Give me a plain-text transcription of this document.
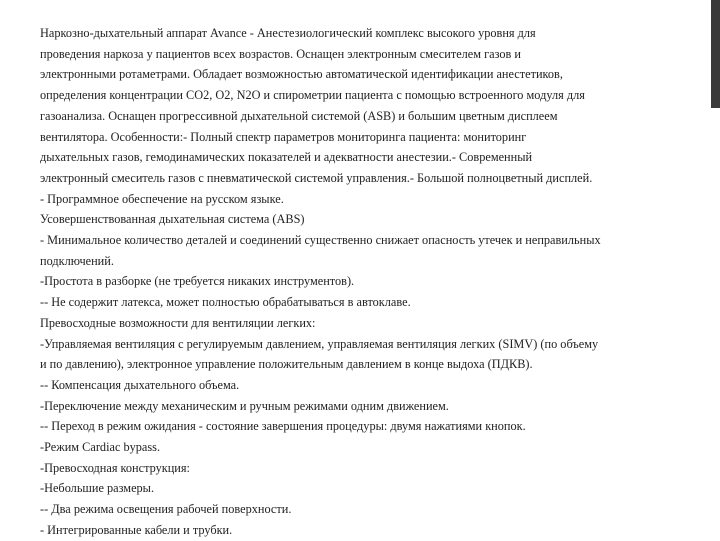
Наркозно-дыхательный аппарат Avance - Анестезиологический комплекс высокого уровня для
проведения наркоза у пациентов всех возрастов. Оснащен электронным смесителем газов и
электронными ротаметрами. Обладает возможностью автоматической идентификации анестетиков,
определения концентрации СО2, О2, N2O и спирометрии пациента с помощью встроенного модуля для
газоанализа. Оснащен прогрессивной дыхательной системой (ASB) и большим цветным дисплеем
вентилятора. Особенности:- Полный спектр параметров мониторинга пациента: мониторинг
дыхательных газов, гемодинамических показателей и адекватности анестезии.- Современный
электронный смеситель газов с пневматической системой управления.- Большой полноцветный дисплей.
- Программное обеспечение на русском языке.
Усовершенствованная дыхательная система (ABS)
- Минимальное количество деталей и соединений существенно снижает опасность утечек и неправильных
подключений.
-Простота в разборке (не требуется никаких инструментов).
-- Не содержит латекса, может полностью обрабатываться в автоклаве.
Превосходные возможности для вентиляции легких:
-Управляемая вентиляция с регулируемым давлением, управляемая вентиляция легких (SIMV) (по объему
и по давлению), электронное управление положительным давлением в конце выдоха (ПДКВ).
-- Компенсация дыхательного объема.
-Переключение между механическим и ручным режимами одним движением.
-- Переход в режим ожидания - состояние завершения процедуры: двумя нажатиями кнопок.
-Режим Cardiac bypass.
-Превосходная конструкция:
-Небольшие размеры.
-- Два режима освещения рабочей поверхности.
- Интегрированные кабели и трубки.
